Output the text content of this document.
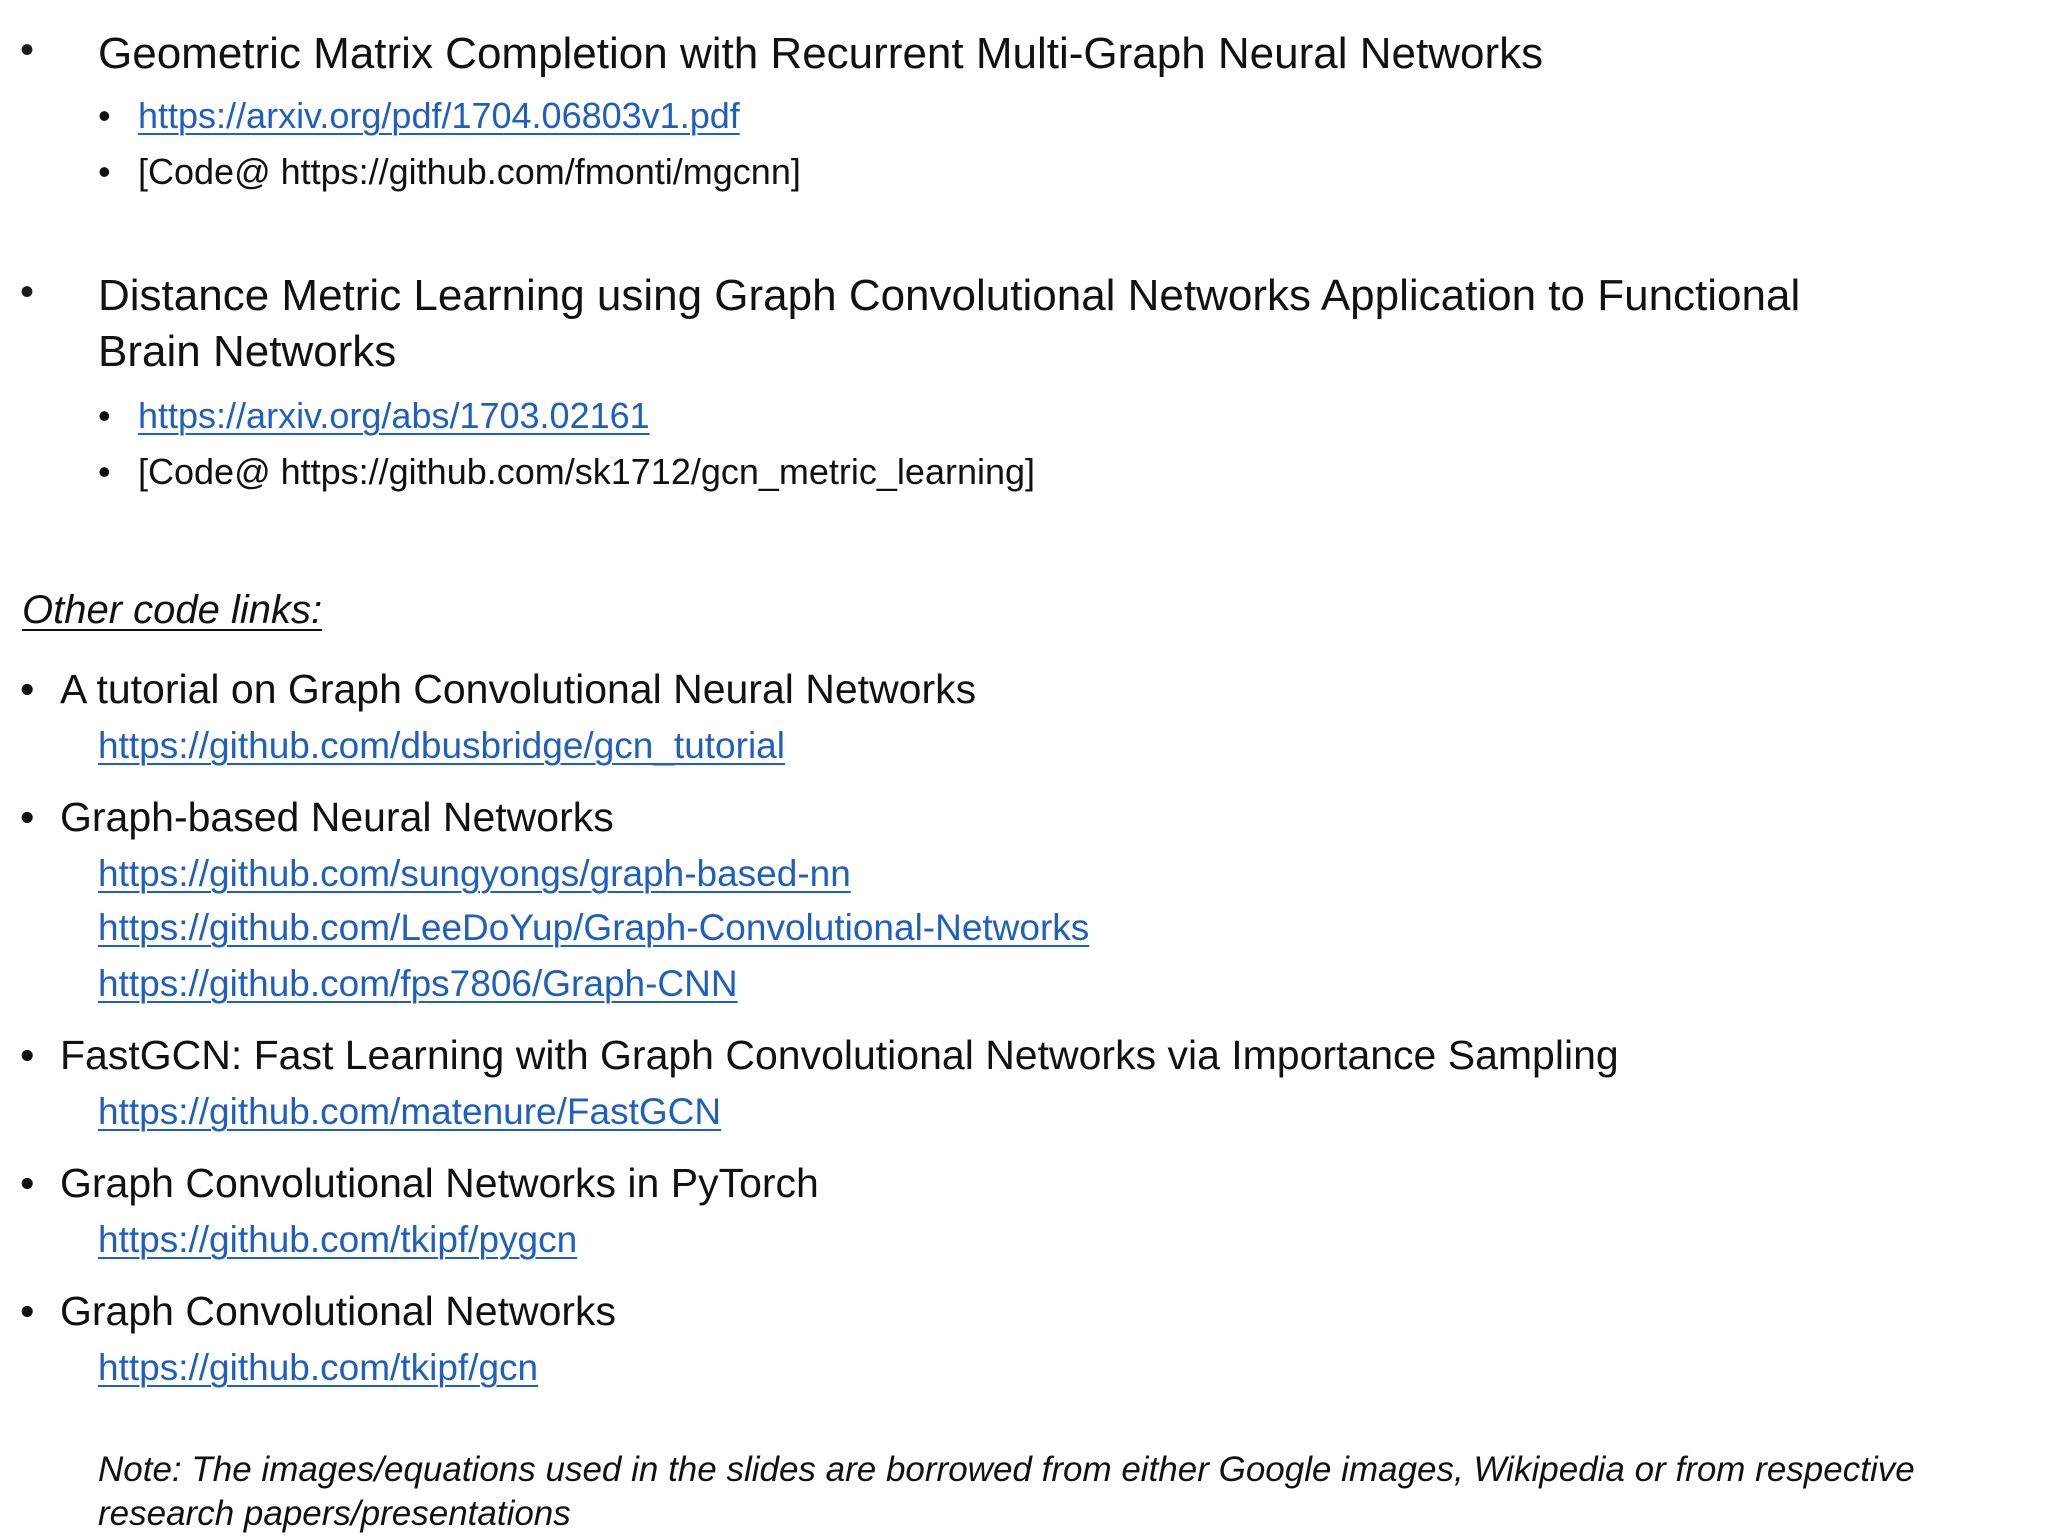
• Geometric Matrix Completion with Recurrent Multi-Graph Neural Networks
• https://arxiv.org/pdf/1704.06803v1.pdf
• [Code@ https://github.com/fmonti/mgcnn]
• Distance Metric Learning using Graph Convolutional Networks Application to Functional
Brain Networks
• https://arxiv.org/abs/1703.02161
• [Code@ https://github.com/sk1712/gcn_metric_learning]
Other code links:
• A tutorial on Graph Convolutional Neural Networks
https://github.com/dbusbridge/gcn_tutorial
• Graph-based Neural Networks
https://github.com/sungyongs/graph-based-nn
https://github.com/LeeDoYup/Graph-Convolutional-Networks
https://github.com/fps7806/Graph-CNN
• FastGCN: Fast Learning with Graph Convolutional Networks via Importance Sampling
https://github.com/matenure/FastGCN
• Graph Convolutional Networks in PyTorch
https://github.com/tkipf/pygcn
• Graph Convolutional Networks
https://github.com/tkipf/gcn
Note: The images/equations used in the slides are borrowed from either Google images, Wikipedia or from respective research papers/presentations
